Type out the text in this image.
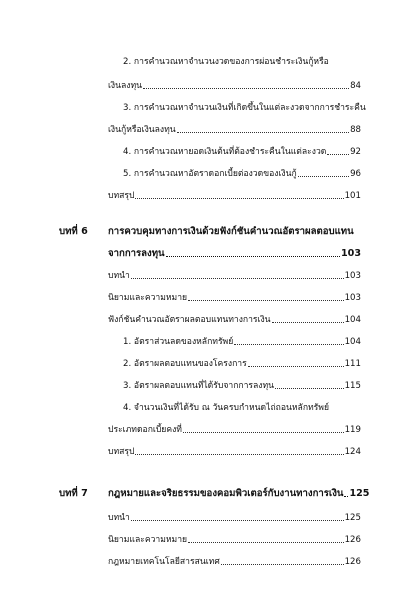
2. การคำนวณหาจำนวนงวดของการผ่อนชำระเงินกู้หรือ
เงินลงทุน	84
3. การคำนวณหาจำนวนเงินที่เกิดขึ้นในแต่ละงวดจากการชำระคืน
เงินกู้หรือเงินลงทุน	88
4. การคำนวณหายอดเงินต้นที่ต้องชำระคืนในแต่ละงวด	92
5. การคำนวณหาอัตราดอกเบี้ยต่องวดของเงินกู้	96
บทสรุป	101
บทที่ 6 การควบคุมทางการเงินด้วยฟังก์ชันคำนวณอัตราผลตอบแทน
จากการลงทุน	103
บทนำ	103
นิยามและความหมาย	103
ฟังก์ชันคำนวณอัตราผลตอบแทนทางการเงิน	104
1. อัตราส่วนลดของหลักทรัพย์	104
2. อัตราผลตอบแทนของโครงการ	111
3. อัตราผลตอบแทนที่ได้รับจากการลงทุน	115
4. จำนวนเงินที่ได้รับ ณ วันครบกำหนดไถ่ถอนหลักทรัพย์
ประเภทดอกเบี้ยคงที่	119
บทสรุป	124
บทที่ 7 กฎหมายและจริยธรรมของคอมพิวเตอร์กับงานทางการเงิน 125
บทนำ	125
นิยามและความหมาย	126
กฎหมายเทคโนโลยีสารสนเทศ	126
